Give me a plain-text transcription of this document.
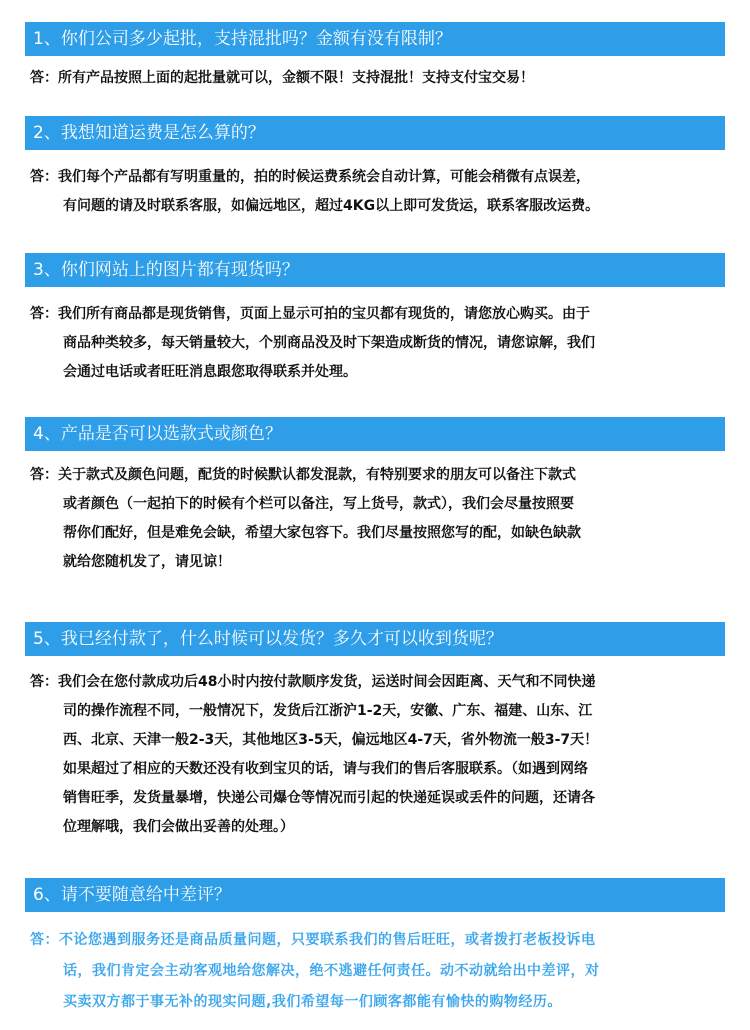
1、你们公司多少起批，支持混批吗？金额有没有限制？
答：所有产品按照上面的起批量就可以，金额不限！支持混批！支持支付宝交易！
2、我想知道运费是怎么算的？
答：我们每个产品都有写明重量的，拍的时候运费系统会自动计算，可能会稍微有点误差，
有问题的请及时联系客服，如偏远地区，超过4KG以上即可发货运，联系客服改运费。
3、你们网站上的图片都有现货吗？
答：我们所有商品都是现货销售，页面上显示可拍的宝贝都有现货的，请您放心购买。由于
商品种类较多，每天销量较大，个别商品没及时下架造成断货的情况，请您谅解，我们
会通过电话或者旺旺消息跟您取得联系并处理。
4、产品是否可以选款式或颜色？
答：关于款式及颜色问题，配货的时候默认都发混款，有特别要求的朋友可以备注下款式
或者颜色（一起拍下的时候有个栏可以备注，写上货号，款式），我们会尽量按照要
帮你们配好，但是难免会缺，希望大家包容下。我们尽量按照您写的配，如缺色缺款
就给您随机发了，请见谅！
5、我已经付款了，什么时候可以发货？多久才可以收到货呢？
答：我们会在您付款成功后48小时内按付款顺序发货，运送时间会因距离、天气和不同快递
司的操作流程不同，一般情况下，发货后江浙沪1-2天，安徽、广东、福建、山东、江
西、北京、天津一般2-3天，其他地区3-5天，偏远地区4-7天，省外物流一般3-7天！
如果超过了相应的天数还没有收到宝贝的话，请与我们的售后客服联系。（如遇到网络
销售旺季，发货量暴增，快递公司爆仓等情况而引起的快递延误或丢件的问题，还请各
位理解哦，我们会做出妥善的处理。）
6、请不要随意给中差评？
答：不论您遇到服务还是商品质量问题，只要联系我们的售后旺旺，或者拨打老板投诉电
话，我们肯定会主动客观地给您解决，绝不逃避任何责任。动不动就给出中差评，对
买卖双方都于事无补的现实问题,我们希望每一们顾客都能有愉快的购物经历。
